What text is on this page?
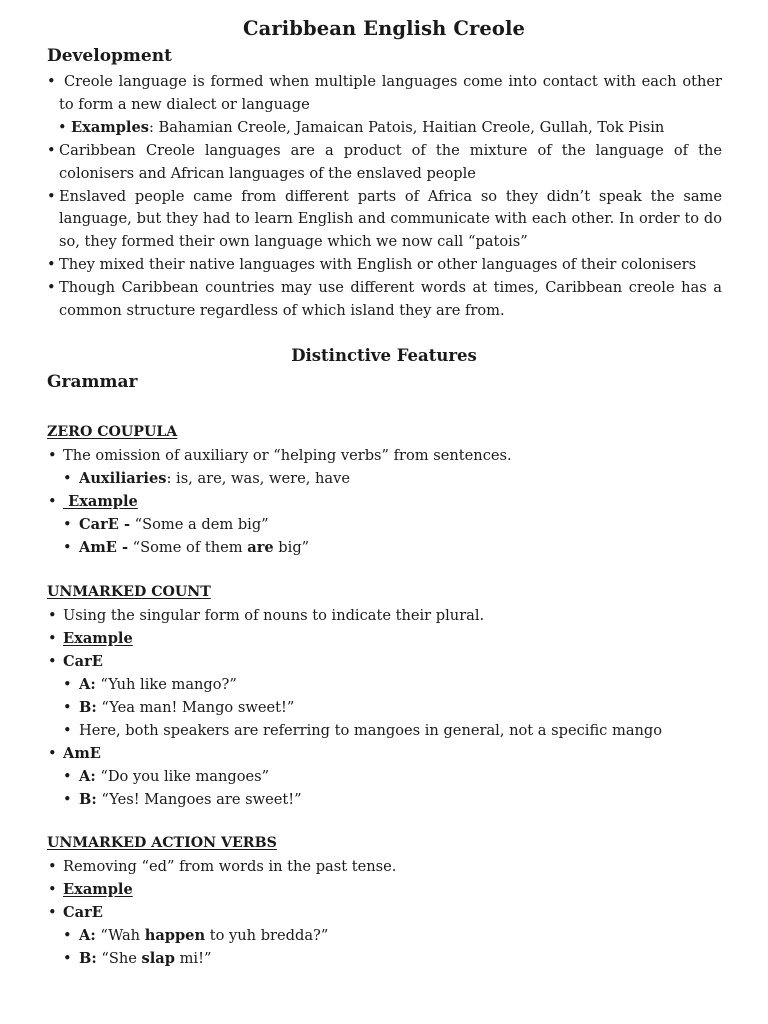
Caribbean English Creole
Development
• Creole language is formed when multiple languages come into contact with each other to form a new dialect or language
• Examples: Bahamian Creole, Jamaican Patois, Haitian Creole, Gullah, Tok Pisin
• Caribbean Creole languages are a product of the mixture of the language of the colonisers and African languages of the enslaved people
• Enslaved people came from different parts of Africa so they didn’t speak the same language, but they had to learn English and communicate with each other. In order to do so, they formed their own language which we now call “patois”
• They mixed their native languages with English or other languages of their colonisers
• Though Caribbean countries may use different words at times, Caribbean creole has a common structure regardless of which island they are from.
Distinctive Features
Grammar
ZERO COUPULA
• The omission of auxiliary or “helping verbs” from sentences.
• Auxiliaries: is, are, was, were, have
•  Example
• CarE - “Some a dem big”
• AmE - “Some of them are big”
UNMARKED COUNT
• Using the singular form of nouns to indicate their plural.
• Example
• CarE
• A: “Yuh like mango?”
• B: “Yea man! Mango sweet!”
• Here, both speakers are referring to mangoes in general, not a specific mango
• AmE
• A: “Do you like mangoes”
• B: “Yes! Mangoes are sweet!”
UNMARKED ACTION VERBS
• Removing “ed” from words in the past tense.
• Example
• CarE
• A: “Wah happen to yuh bredda?”
• B: “She slap mi!”
